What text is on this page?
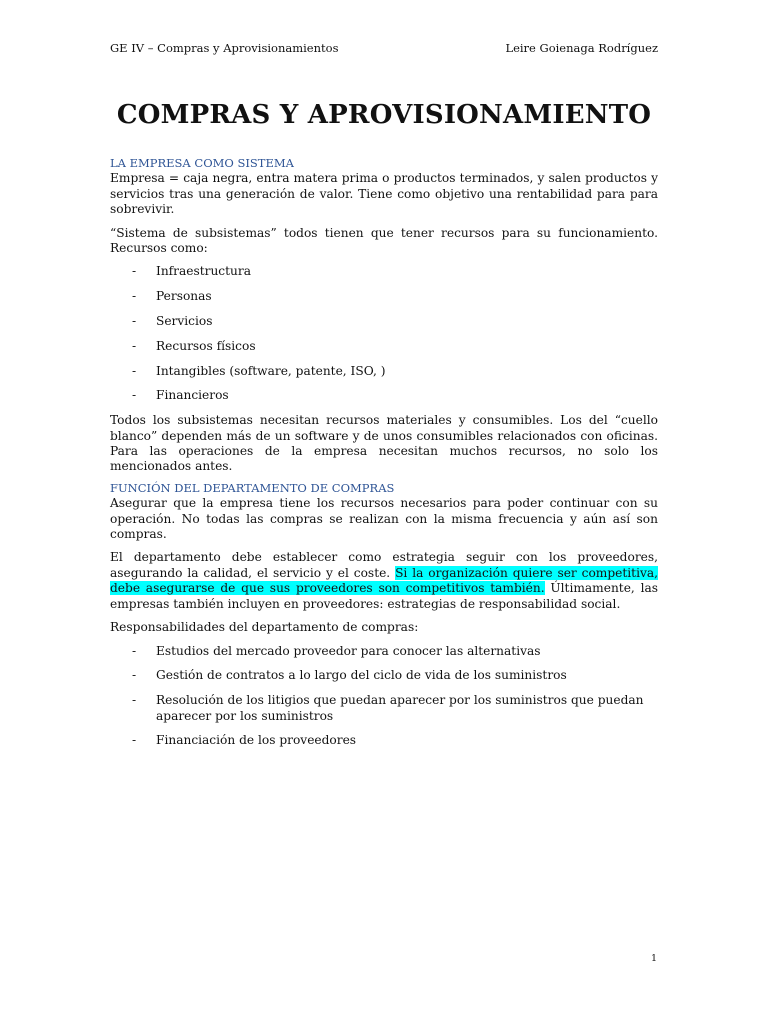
GE IV – Compras y Aprovisionamientos	Leire Goienaga Rodríguez
COMPRAS Y APROVISIONAMIENTO
LA EMPRESA COMO SISTEMA

Empresa = caja negra, entra matera prima o productos terminados, y salen productos y servicios tras una generación de valor. Tiene como objetivo una rentabilidad para para sobrevivir.

“Sistema de subsistemas” todos tienen que tener recursos para su funcionamiento. Recursos como:

-	Infraestructura
-	Personas
-	Servicios
-	Recursos físicos
-	Intangibles (software, patente, ISO, )
-	Financieros

Todos los subsistemas necesitan recursos materiales y consumibles. Los del “cuello blanco” dependen más de un software y de unos consumibles relacionados con oficinas. Para las operaciones de la empresa necesitan muchos recursos, no solo los mencionados antes.

FUNCIÓN DEL DEPARTAMENTO DE COMPRAS

Asegurar que la empresa tiene los recursos necesarios para poder continuar con su operación. No todas las compras se realizan con la misma frecuencia y aún así son compras.

El departamento debe establecer como estrategia seguir con los proveedores, asegurando la calidad, el servicio y el coste. Si la organización quiere ser competitiva, debe asegurarse de que sus proveedores son competitivos también. Últimamente, las empresas también incluyen en proveedores: estrategias de responsabilidad social.

Responsabilidades del departamento de compras:

-	Estudios del mercado proveedor para conocer las alternativas
-	Gestión de contratos a lo largo del ciclo de vida de los suministros
-	Resolución de los litigios que puedan aparecer por los suministros que puedan aparecer por los suministros
-	Financiación de los proveedores
1
